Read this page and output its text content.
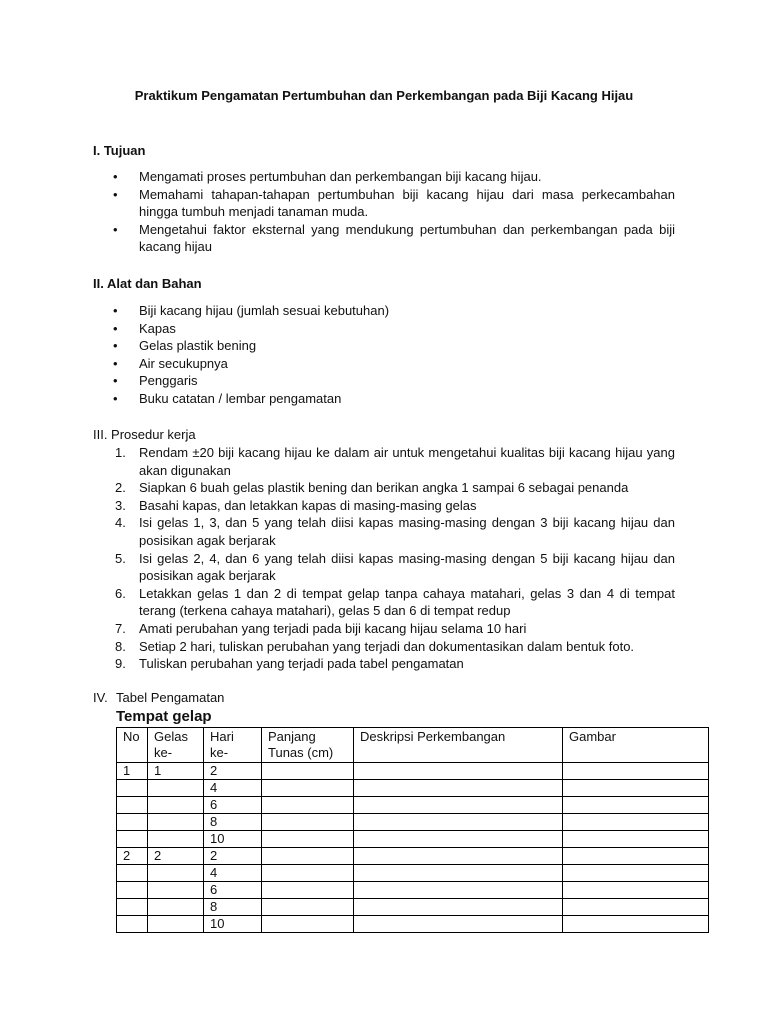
Praktikum Pengamatan Pertumbuhan dan Perkembangan pada Biji Kacang Hijau
I. Tujuan
• Mengamati proses pertumbuhan dan perkembangan biji kacang hijau.
• Memahami tahapan-tahapan pertumbuhan biji kacang hijau dari masa perkecambahan hingga tumbuh menjadi tanaman muda.
• Mengetahui faktor eksternal yang mendukung pertumbuhan dan perkembangan pada biji kacang hijau
II. Alat dan Bahan
• Biji kacang hijau (jumlah sesuai kebutuhan)
• Kapas
• Gelas plastik bening
• Air secukupnya
• Penggaris
• Buku catatan / lembar pengamatan
III. Prosedur kerja
1. Rendam ±20 biji kacang hijau ke dalam air untuk mengetahui kualitas biji kacang hijau yang akan digunakan
2. Siapkan 6 buah gelas plastik bening dan berikan angka 1 sampai 6 sebagai penanda
3. Basahi kapas, dan letakkan kapas di masing-masing gelas
4. Isi gelas 1, 3, dan 5 yang telah diisi kapas masing-masing dengan 3 biji kacang hijau dan posisikan agak berjarak
5. Isi gelas 2, 4, dan 6 yang telah diisi kapas masing-masing dengan 5 biji kacang hijau dan posisikan agak berjarak
6. Letakkan gelas 1 dan 2 di tempat gelap tanpa cahaya matahari, gelas 3 dan 4 di tempat terang (terkena cahaya matahari), gelas 5 dan 6 di tempat redup
7. Amati perubahan yang terjadi pada biji kacang hijau selama 10 hari
8. Setiap 2 hari, tuliskan perubahan yang terjadi dan dokumentasikan dalam bentuk foto.
9. Tuliskan perubahan yang terjadi pada tabel pengamatan
IV. Tabel Pengamatan
Tempat gelap
No	Gelas ke-	Hari ke-	Panjang Tunas (cm)	Deskripsi Perkembangan	Gambar
1	1	2			
		4			
		6			
		8			
		10			
2	2	2			
		4			
		6			
		8			
		10			
